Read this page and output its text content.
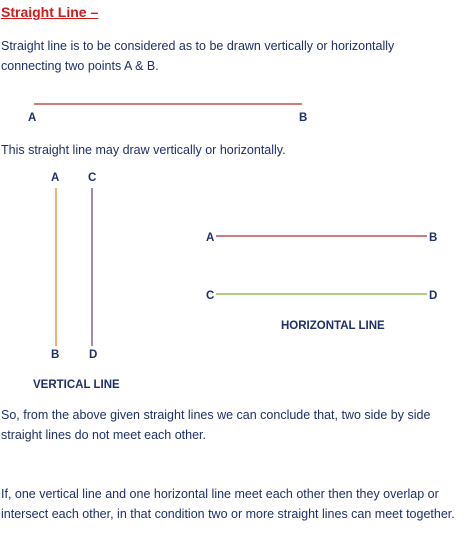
Straight Line –
Straight line is to be considered as to be drawn vertically or horizontally connecting two points A & B.
A	B
This straight line may draw vertically or horizontally.
A C
B	D
VERTICAL LINE
A	B
C	D
HORIZONTAL LINE
So, from the above given straight lines we can conclude that, two side by side straight lines do not meet each other.
If, one vertical line and one horizontal line meet each other then they overlap or intersect each other, in that condition two or more straight lines can meet together.
